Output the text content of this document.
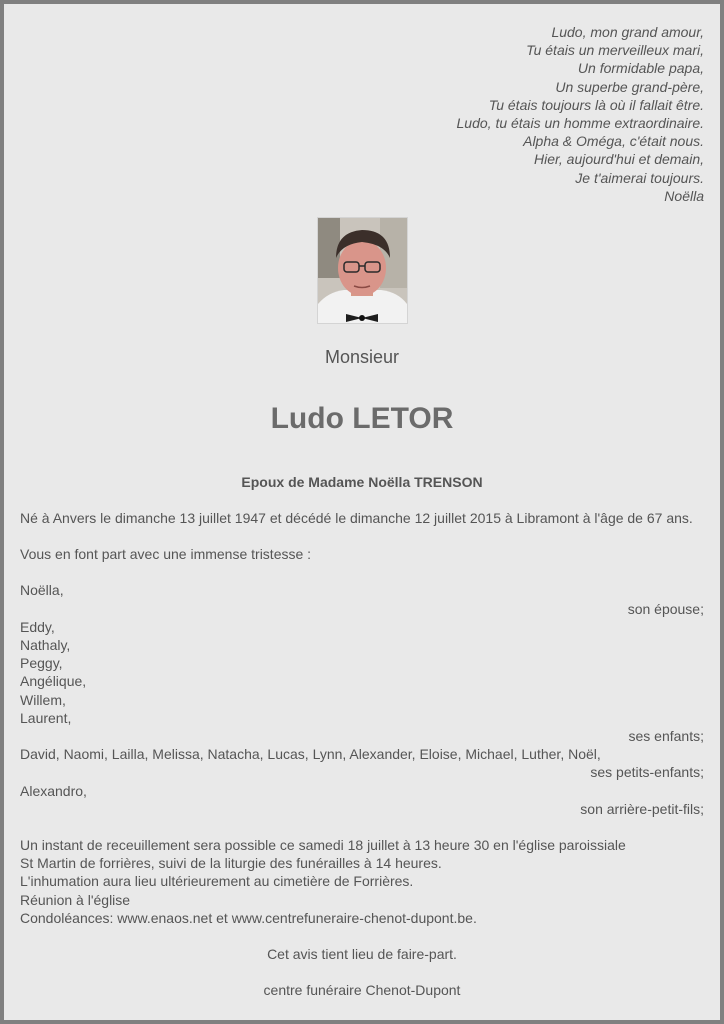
Ludo, mon grand amour,
Tu étais un merveilleux mari,
Un formidable papa,
Un superbe grand-père,
Tu étais toujours là où il fallait être.
Ludo, tu étais un homme extraordinaire.
Alpha & Oméga, c'était nous.
Hier, aujourd'hui et demain,
Je t'aimerai toujours.
Noëlla
Monsieur
Ludo LETOR
Epoux de Madame Noëlla TRENSON

Né à Anvers le dimanche 13 juillet 1947 et décédé le dimanche 12 juillet 2015 à Libramont à l'âge de 67 ans.

Vous en font part avec une immense tristesse :

Noëlla,
son épouse;
Eddy,
Nathaly,
Peggy,
Angélique,
Willem,
Laurent,
ses enfants;
David, Naomi, Lailla, Melissa, Natacha, Lucas, Lynn, Alexander, Eloise, Michael, Luther, Noël,
ses petits-enfants;
Alexandro,
son arrière-petit-fils;
Un instant de receuillement sera possible ce samedi 18 juillet à 13 heure 30 en l'église paroissiale
St Martin de forrières, suivi de la liturgie des funérailles à 14 heures.
L'inhumation aura lieu ultérieurement au cimetière de Forrières.
Réunion à l'église
Condoléances: www.enaos.net et www.centrefuneraire-chenot-dupont.be.
Cet avis tient lieu de faire-part.
centre funéraire Chenot-Dupont
